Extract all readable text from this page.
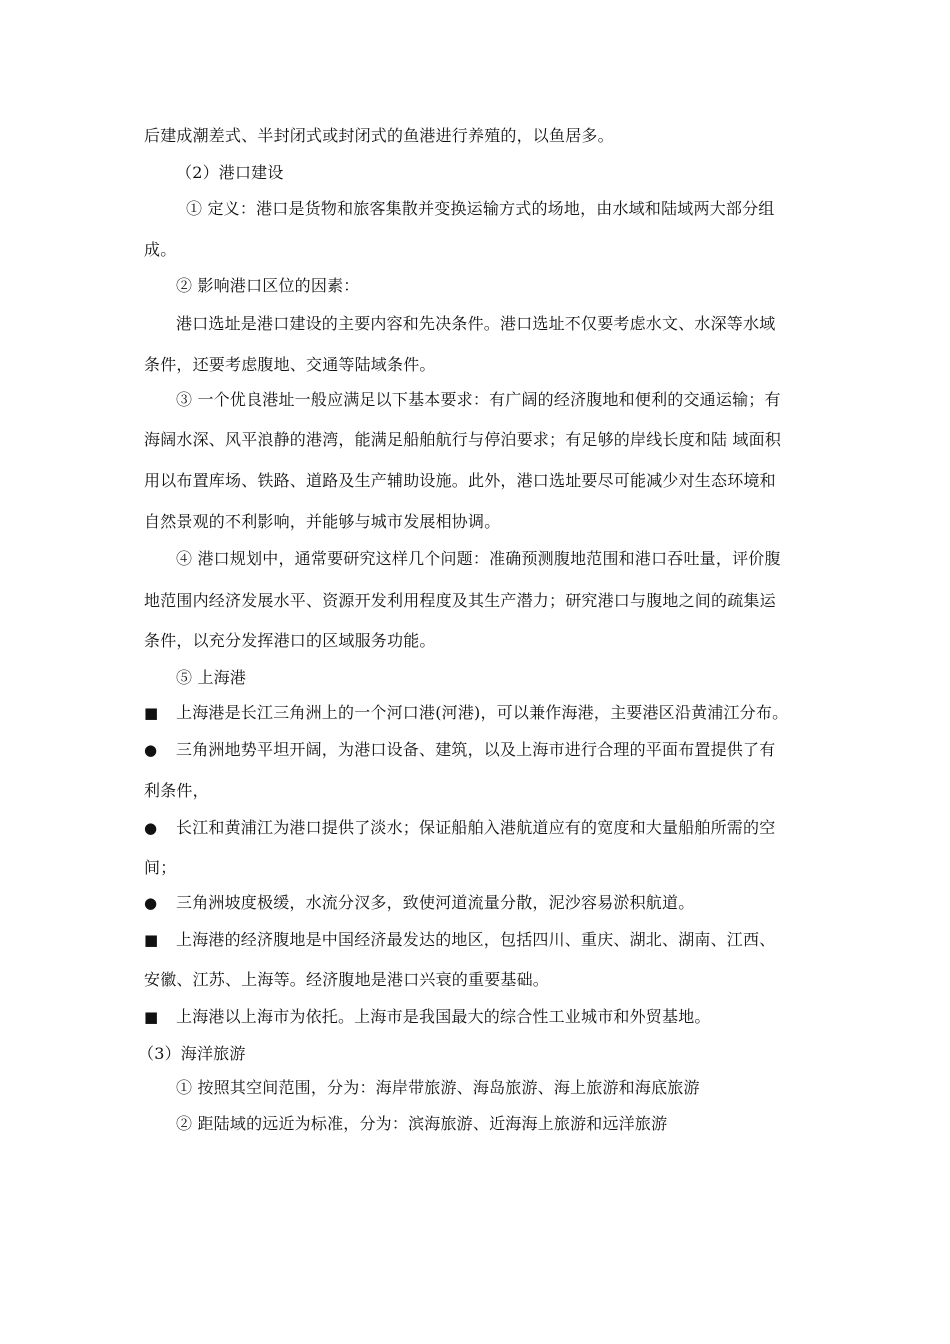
后建成潮差式、半封闭式或封闭式的鱼港进行养殖的，以鱼居多。
（2）港口建设
① 定义：港口是货物和旅客集散并变换运输方式的场地，由水域和陆域两大部分组
成。
② 影响港口区位的因素：
港口选址是港口建设的主要内容和先决条件。港口选址不仅要考虑水文、水深等水域
条件，还要考虑腹地、交通等陆域条件。
③ 一个优良港址一般应满足以下基本要求：有广阔的经济腹地和便利的交通运输；有
海阔水深、风平浪静的港湾，能满足船舶航行与停泊要求；有足够的岸线长度和陆 域面积
用以布置库场、铁路、道路及生产辅助设施。此外，港口选址要尽可能减少对生态环境和
自然景观的不利影响，并能够与城市发展相协调。
④ 港口规划中，通常要研究这样几个问题：准确预测腹地范围和港口吞吐量，评价腹
地范围内经济发展水平、资源开发利用程度及其生产潜力；研究港口与腹地之间的疏集运
条件，以充分发挥港口的区域服务功能。
⑤ 上海港
■ 上海港是长江三角洲上的一个河口港(河港)，可以兼作海港，主要港区沿黄浦江分布。
● 三角洲地势平坦开阔，为港口设备、建筑，以及上海市进行合理的平面布置提供了有
利条件，
● 长江和黄浦江为港口提供了淡水；保证船舶入港航道应有的宽度和大量船舶所需的空
间；
● 三角洲坡度极缓，水流分汊多，致使河道流量分散，泥沙容易淤积航道。
■ 上海港的经济腹地是中国经济最发达的地区，包括四川、重庆、湖北、湖南、江西、
安徽、江苏、上海等。经济腹地是港口兴衰的重要基础。
■ 上海港以上海市为依托。上海市是我国最大的综合性工业城市和外贸基地。
（3）海洋旅游
① 按照其空间范围，分为：海岸带旅游、海岛旅游、海上旅游和海底旅游
② 距陆域的远近为标准，分为：滨海旅游、近海海上旅游和远洋旅游
